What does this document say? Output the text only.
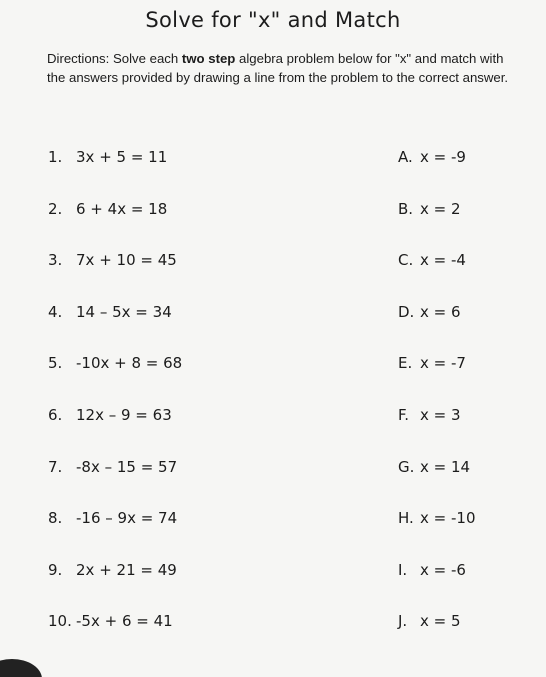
Solve for "x" and Match
Directions: Solve each two step algebra problem below for "x" and match with the answers provided by drawing a line from the problem to the correct answer.
1. 3x + 5 = 11	A. x = -9
2. 6 + 4x = 18	B. x = 2
3. 7x + 10 = 45	C. x = -4
4. 14 – 5x = 34	D. x = 6
5. -10x + 8 = 68	E. x = -7
6. 12x – 9 = 63	F. x = 3
7. -8x – 15 = 57	G. x = 14
8. -16 – 9x = 74	H. x = -10
9. 2x + 21 = 49	I. x = -6
10. -5x + 6 = 41	J. x = 5
